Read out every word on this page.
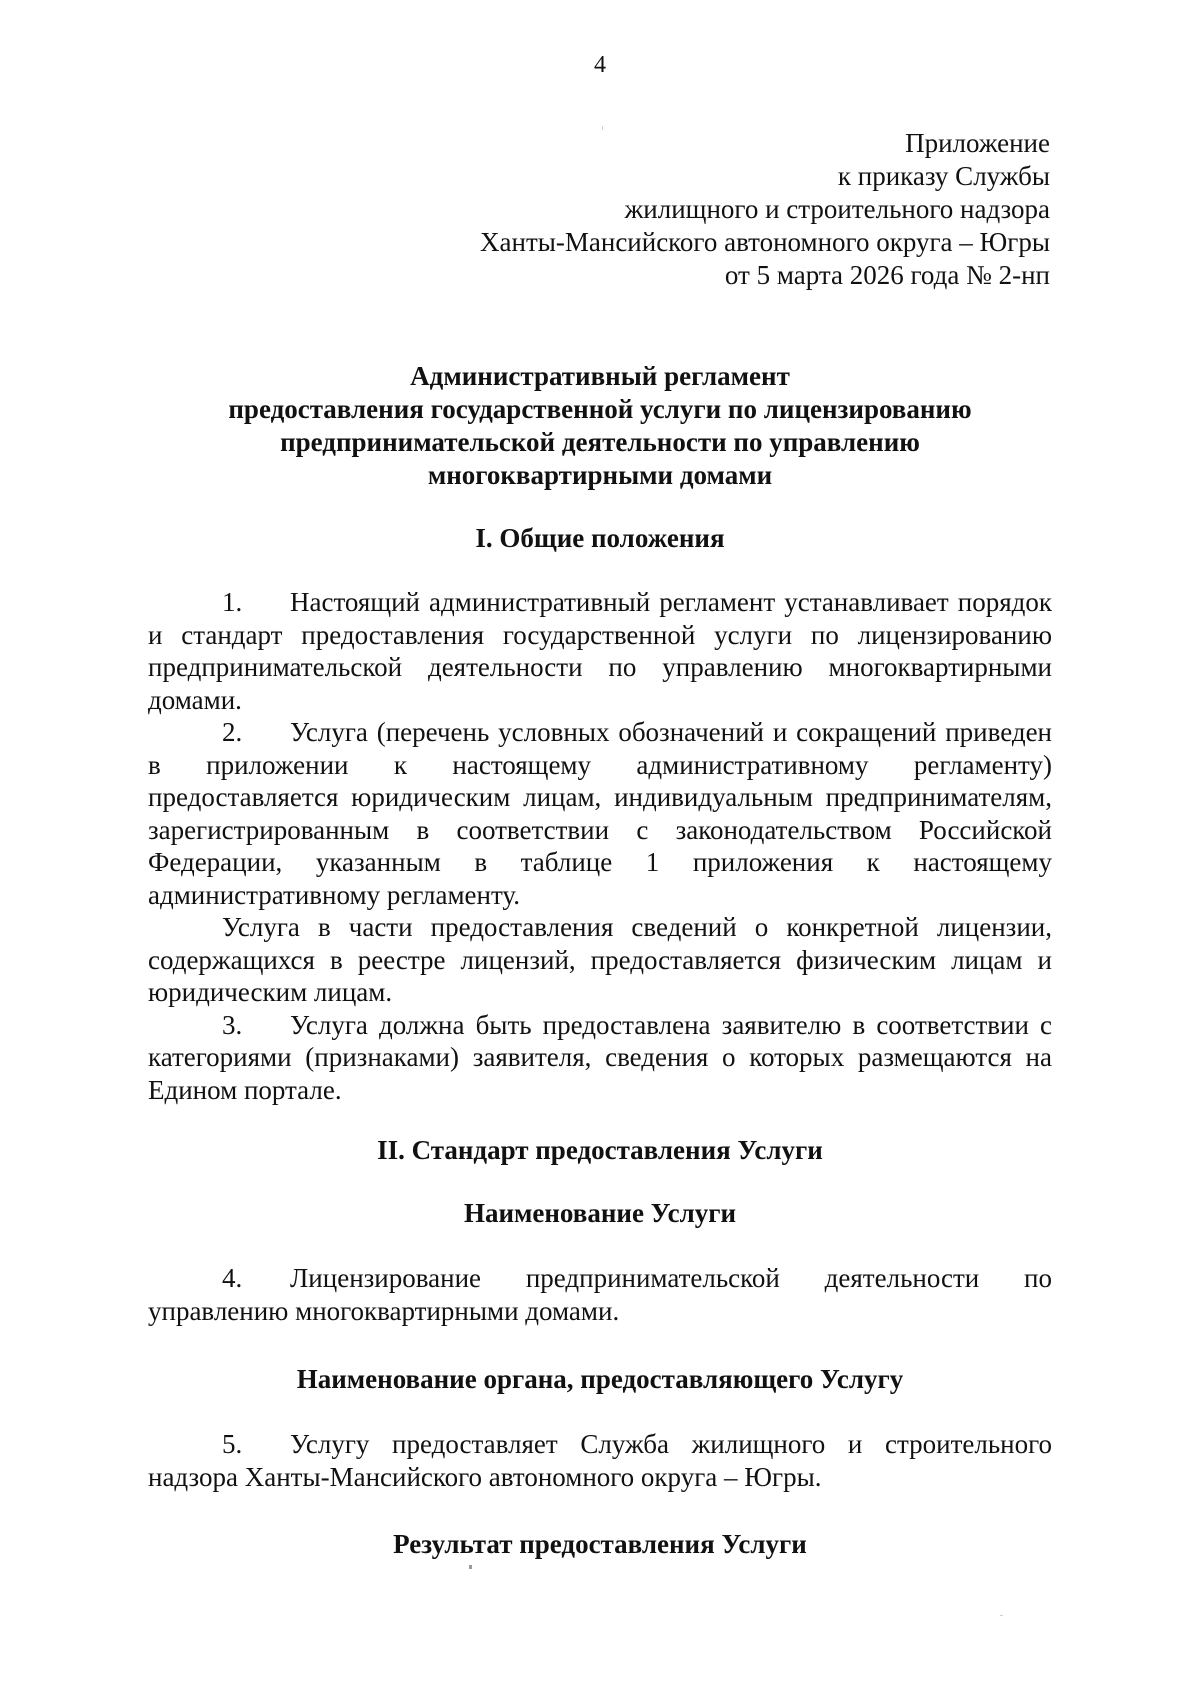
4
Приложение
к приказу Службы
жилищного и строительного надзора
Ханты-Мансийского автономного округа – Югры
от 5 марта 2026 года № 2-нп
Административный регламент
предоставления государственной услуги по лицензированию
предпринимательской деятельности по управлению
многоквартирными домами
I. Общие положения

1. Настоящий административный регламент устанавливает порядок и стандарт предоставления государственной услуги по лицензированию предпринимательской деятельности по управлению многоквартирными домами.

2. Услуга (перечень условных обозначений и сокращений приведен в приложении к настоящему административному регламенту) предоставляется юридическим лицам, индивидуальным предпринимателям, зарегистрированным в соответствии с законодательством Российской Федерации, указанным в таблице 1 приложения к настоящему административному регламенту.

Услуга в части предоставления сведений о конкретной лицензии, содержащихся в реестре лицензий, предоставляется физическим лицам и юридическим лицам.

3. Услуга должна быть предоставлена заявителю в соответствии с категориями (признаками) заявителя, сведения о которых размещаются на Едином портале.

II. Стандарт предоставления Услуги
Наименование Услуги

4. Лицензирование предпринимательской деятельности по управлению многоквартирными домами.

Наименование органа, предоставляющего Услугу

5. Услугу предоставляет Служба жилищного и строительного надзора Ханты-Мансийского автономного округа – Югры.

Результат предоставления Услуги
